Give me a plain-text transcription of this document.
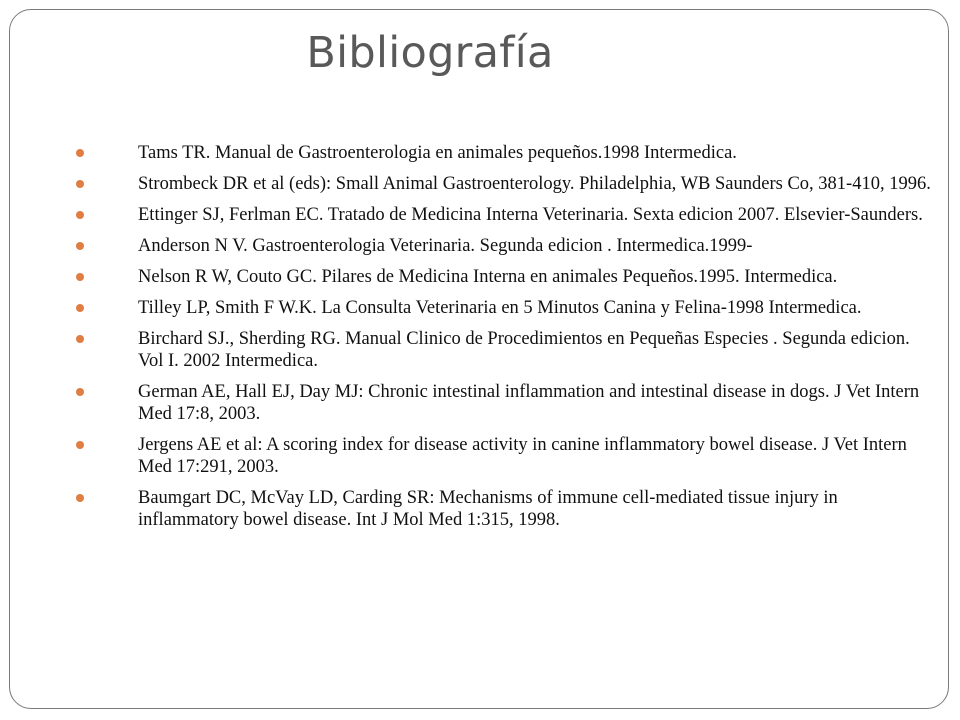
Bibliografía
Tams TR. Manual de Gastroenterologia en animales pequeños.1998 Intermedica.
Strombeck DR et al (eds): Small Animal Gastroenterology. Philadelphia, WB Saunders Co, 381-410, 1996.
Ettinger SJ, Ferlman EC. Tratado de Medicina Interna Veterinaria. Sexta edicion 2007. Elsevier-Saunders.
Anderson N V. Gastroenterologia Veterinaria. Segunda edicion . Intermedica.1999-
Nelson R W, Couto GC. Pilares de Medicina Interna en animales Pequeños.1995. Intermedica.
Tilley LP, Smith F W.K. La Consulta Veterinaria en 5 Minutos Canina y Felina-1998 Intermedica.
Birchard SJ., Sherding RG. Manual Clinico de Procedimientos en Pequeñas Especies . Segunda edicion. Vol I. 2002 Intermedica.
German AE, Hall EJ, Day MJ: Chronic intestinal inflammation and intestinal disease in dogs. J Vet Intern Med 17:8, 2003.
Jergens AE et al: A scoring index for disease activity in canine inflammatory bowel disease. J Vet Intern Med 17:291, 2003.
Baumgart DC, McVay LD, Carding SR: Mechanisms of immune cell-mediated tissue injury in inflammatory bowel disease. Int J Mol Med 1:315, 1998.
